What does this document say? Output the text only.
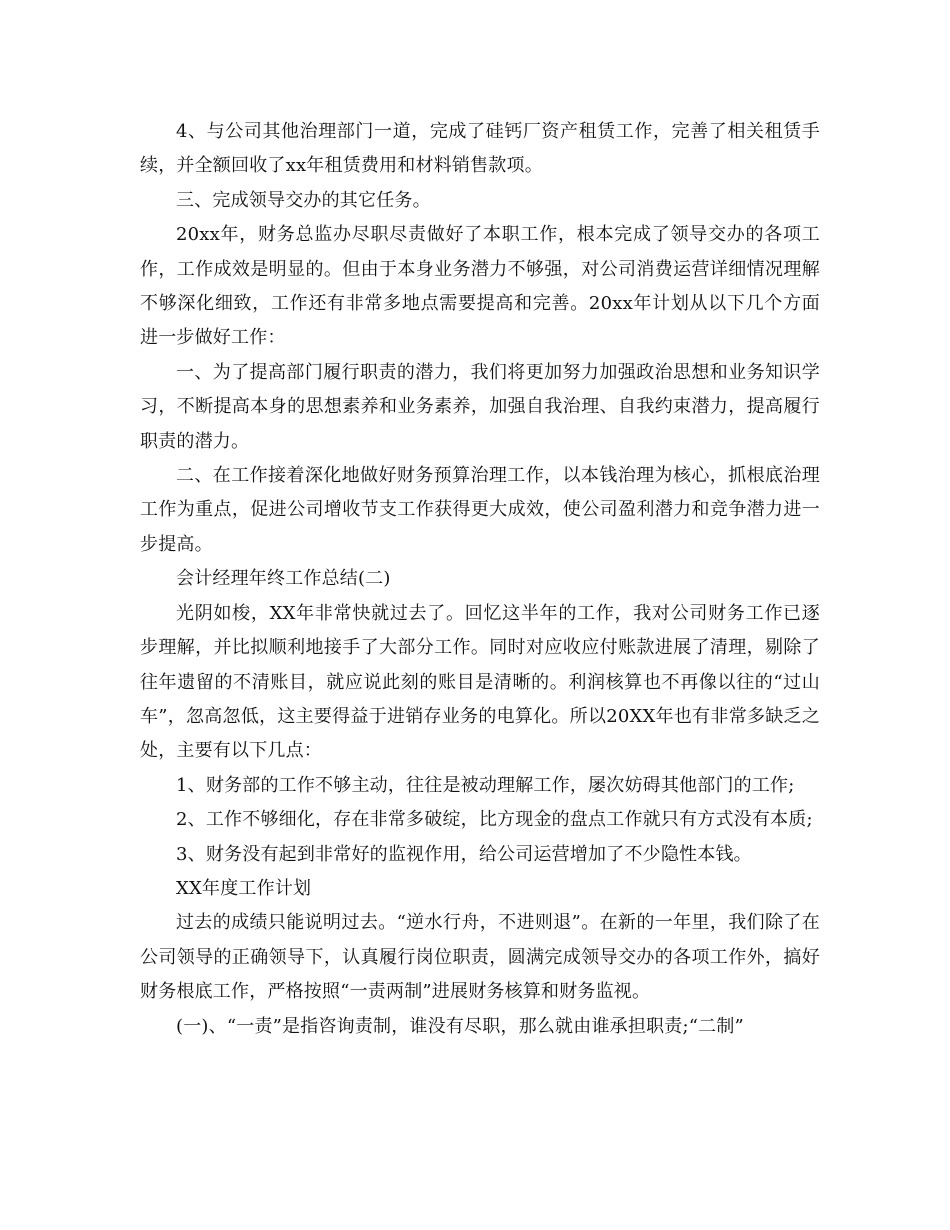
4、与公司其他治理部门一道，完成了硅钙厂资产租赁工作，完善了相关租赁手续，并全额回收了xx年租赁费用和材料销售款项。

三、完成领导交办的其它任务。

20xx年，财务总监办尽职尽责做好了本职工作，根本完成了领导交办的各项工作，工作成效是明显的。但由于本身业务潜力不够强，对公司消费运营详细情况理解不够深化细致，工作还有非常多地点需要提高和完善。20xx年计划从以下几个方面进一步做好工作：

一、为了提高部门履行职责的潜力，我们将更加努力加强政治思想和业务知识学习，不断提高本身的思想素养和业务素养，加强自我治理、自我约束潜力，提高履行职责的潜力。

二、在工作接着深化地做好财务预算治理工作，以本钱治理为核心，抓根底治理工作为重点，促进公司增收节支工作获得更大成效，使公司盈利潜力和竞争潜力进一步提高。

会计经理年终工作总结(二)

光阴如梭，XX年非常快就过去了。回忆这半年的工作，我对公司财务工作已逐步理解，并比拟顺利地接手了大部分工作。同时对应收应付账款进展了清理，剔除了往年遗留的不清账目，就应说此刻的账目是清晰的。利润核算也不再像以往的“过山车”，忽高忽低，这主要得益于进销存业务的电算化。所以20XX年也有非常多缺乏之处，主要有以下几点：

1、财务部的工作不够主动，往往是被动理解工作，屡次妨碍其他部门的工作;

2、工作不够细化，存在非常多破绽，比方现金的盘点工作就只有方式没有本质;

3、财务没有起到非常好的监视作用，给公司运营增加了不少隐性本钱。

XX年度工作计划

过去的成绩只能说明过去。“逆水行舟，不进则退”。在新的一年里，我们除了在公司领导的正确领导下，认真履行岗位职责，圆满完成领导交办的各项工作外，搞好财务根底工作，严格按照“一责两制”进展财务核算和财务监视。

(一)、“一责”是指咨询责制，谁没有尽职，那么就由谁承担职责;“二制”
